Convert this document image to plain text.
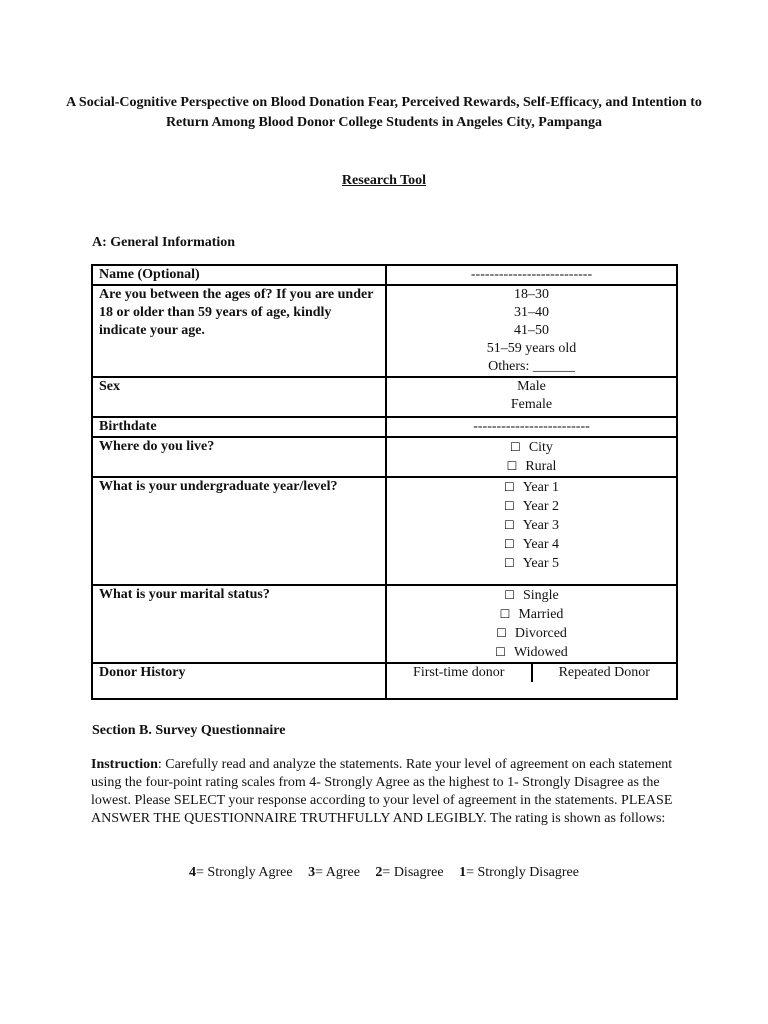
A Social-Cognitive Perspective on Blood Donation Fear, Perceived Rewards, Self-Efficacy, and Intention to Return Among Blood Donor College Students in Angeles City, Pampanga
Research Tool
A: General Information
Name (Optional)	--------------------------
Are you between the ages of? If you are under 18 or older than 59 years of age, kindly indicate your age.	18–30
31–40
41–50
51–59 years old
Others: ______

Sex	Male
Female

Birthdate	-------------------------
Where do you live?	☐ City
☐ Rural

What is your undergraduate year/level?	☐ Year 1
☐ Year 2
☐ Year 3
☐ Year 4
☐ Year 5

What is your marital status?	☐ Single
☐ Married
☐ Divorced
☐ Widowed

Donor History	First-time donor Repeated Donor
Section B. Survey Questionnaire
Instruction: Carefully read and analyze the statements. Rate your level of agreement on each statement using the four-point rating scales from 4- Strongly Agree as the highest to 1- Strongly Disagree as the lowest. Please SELECT your response according to your level of agreement in the statements. PLEASE ANSWER THE QUESTIONNAIRE TRUTHFULLY AND LEGIBLY. The rating is shown as follows:
4= Strongly Agree 3= Agree 2= Disagree 1= Strongly Disagree
